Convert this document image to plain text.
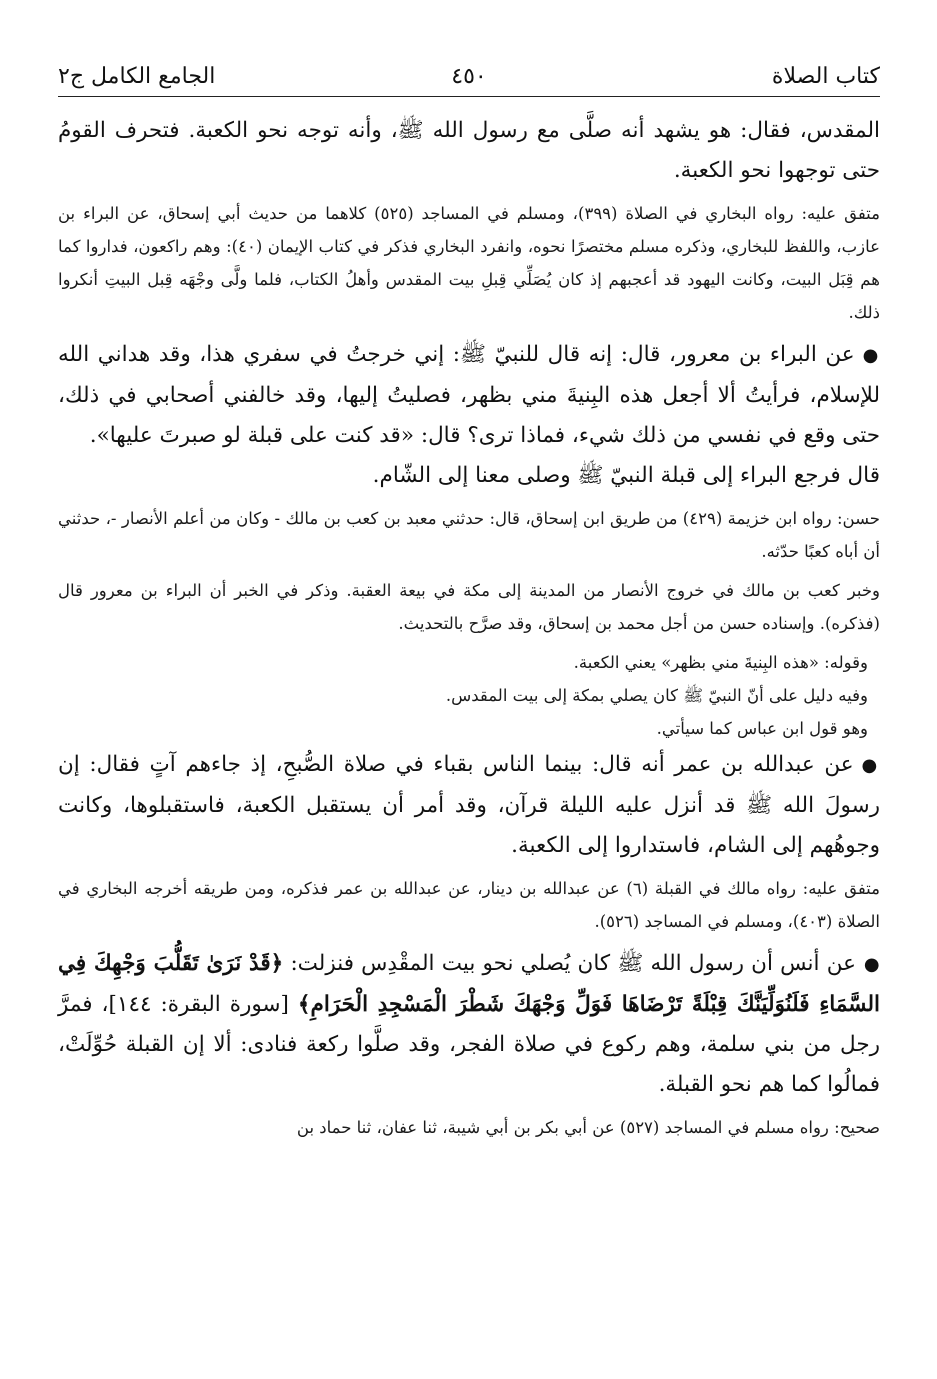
كتاب الصلاة
٤٥٠
الجامع الكامل ج٢

المقدس، فقال: هو يشهد أنه صلَّى مع رسول الله ﷺ، وأنه توجه نحو الكعبة. فتحرف القومُ حتى توجهوا نحو الكعبة.

متفق عليه: رواه البخاري في الصلاة (٣٩٩)، ومسلم في المساجد (٥٢٥) كلاهما من حديث أبي إسحاق، عن البراء بن عازب، واللفظ للبخاري، وذكره مسلم مختصرًا نحوه، وانفرد البخاري فذكر في كتاب الإيمان (٤٠): وهم راكعون، فداروا كما هم قِبَل البيت، وكانت اليهود قد أعجبهم إذ كان يُصَلِّي قِبلِ بيت المقدس وأهلُ الكتاب، فلما ولَّى وجْهَه قِبل البيتِ أنكروا ذلك.

●عن البراء بن معرور، قال: إنه قال للنبيّ ﷺ: إني خرجتُ في سفري هذا، وقد هداني الله للإسلام، فرأيتُ ألا أجعل هذه البِنيةَ مني بظهر، فصليتُ إليها، وقد خالفني أصحابي في ذلك، حتى وقع في نفسي من ذلك شيء، فماذا ترى؟ قال: «قد كنت على قبلة لو صبرتَ عليها».

قال فرجع البراء إلى قبلة النبيّ ﷺ وصلى معنا إلى الشّام.

حسن: رواه ابن خزيمة (٤٢٩) من طريق ابن إسحاق، قال: حدثني معبد بن كعب بن مالك - وكان من أعلم الأنصار -، حدثني أن أباه كعبًا حدّثه.

وخبر كعب بن مالك في خروج الأنصار من المدينة إلى مكة في بيعة العقبة. وذكر في الخبر أن البراء بن معرور قال (فذكره). وإسناده حسن من أجل محمد بن إسحاق، وقد صرَّح بالتحديث.

وقوله: «هذه البِنيةَ مني بظهر» يعني الكعبة.

وفيه دليل على أنّ النبيّ ﷺ كان يصلي بمكة إلى بيت المقدس.

وهو قول ابن عباس كما سيأتي.

●عن عبدالله بن عمر أنه قال: بينما الناس بقباء في صلاة الصُّبحِ، إذ جاءهم آتٍ فقال: إن رسولَ الله ﷺ قد أنزل عليه الليلة قرآن، وقد أمر أن يستقبل الكعبة، فاستقبلوها، وكانت وجوهُهم إلى الشام، فاستداروا إلى الكعبة.

متفق عليه: رواه مالك في القبلة (٦) عن عبدالله بن دينار، عن عبدالله بن عمر فذكره، ومن طريقه أخرجه البخاري في الصلاة (٤٠٣)، ومسلم في المساجد (٥٢٦).

●عن أنس أن رسول الله ﷺ كان يُصلي نحو بيت المقْدِس فنزلت: ﴿قَدْ نَرَىٰ تَقَلُّبَ وَجْهِكَ فِي السَّمَاءِ فَلَنُوَلِّيَنَّكَ قِبْلَةً تَرْضَاهَا فَوَلِّ وَجْهَكَ شَطْرَ الْمَسْجِدِ الْحَرَامِ﴾ [سورة البقرة: ١٤٤]، فمرَّ رجل من بني سلمة، وهم ركوع في صلاة الفجر، وقد صلَّوا ركعة فنادى: ألا إن القبلة حُوِّلَتْ، فمالُوا كما هم نحو القبلة.

صحيح: رواه مسلم في المساجد (٥٢٧) عن أبي بكر بن أبي شيبة، ثنا عفان، ثنا حماد بن
